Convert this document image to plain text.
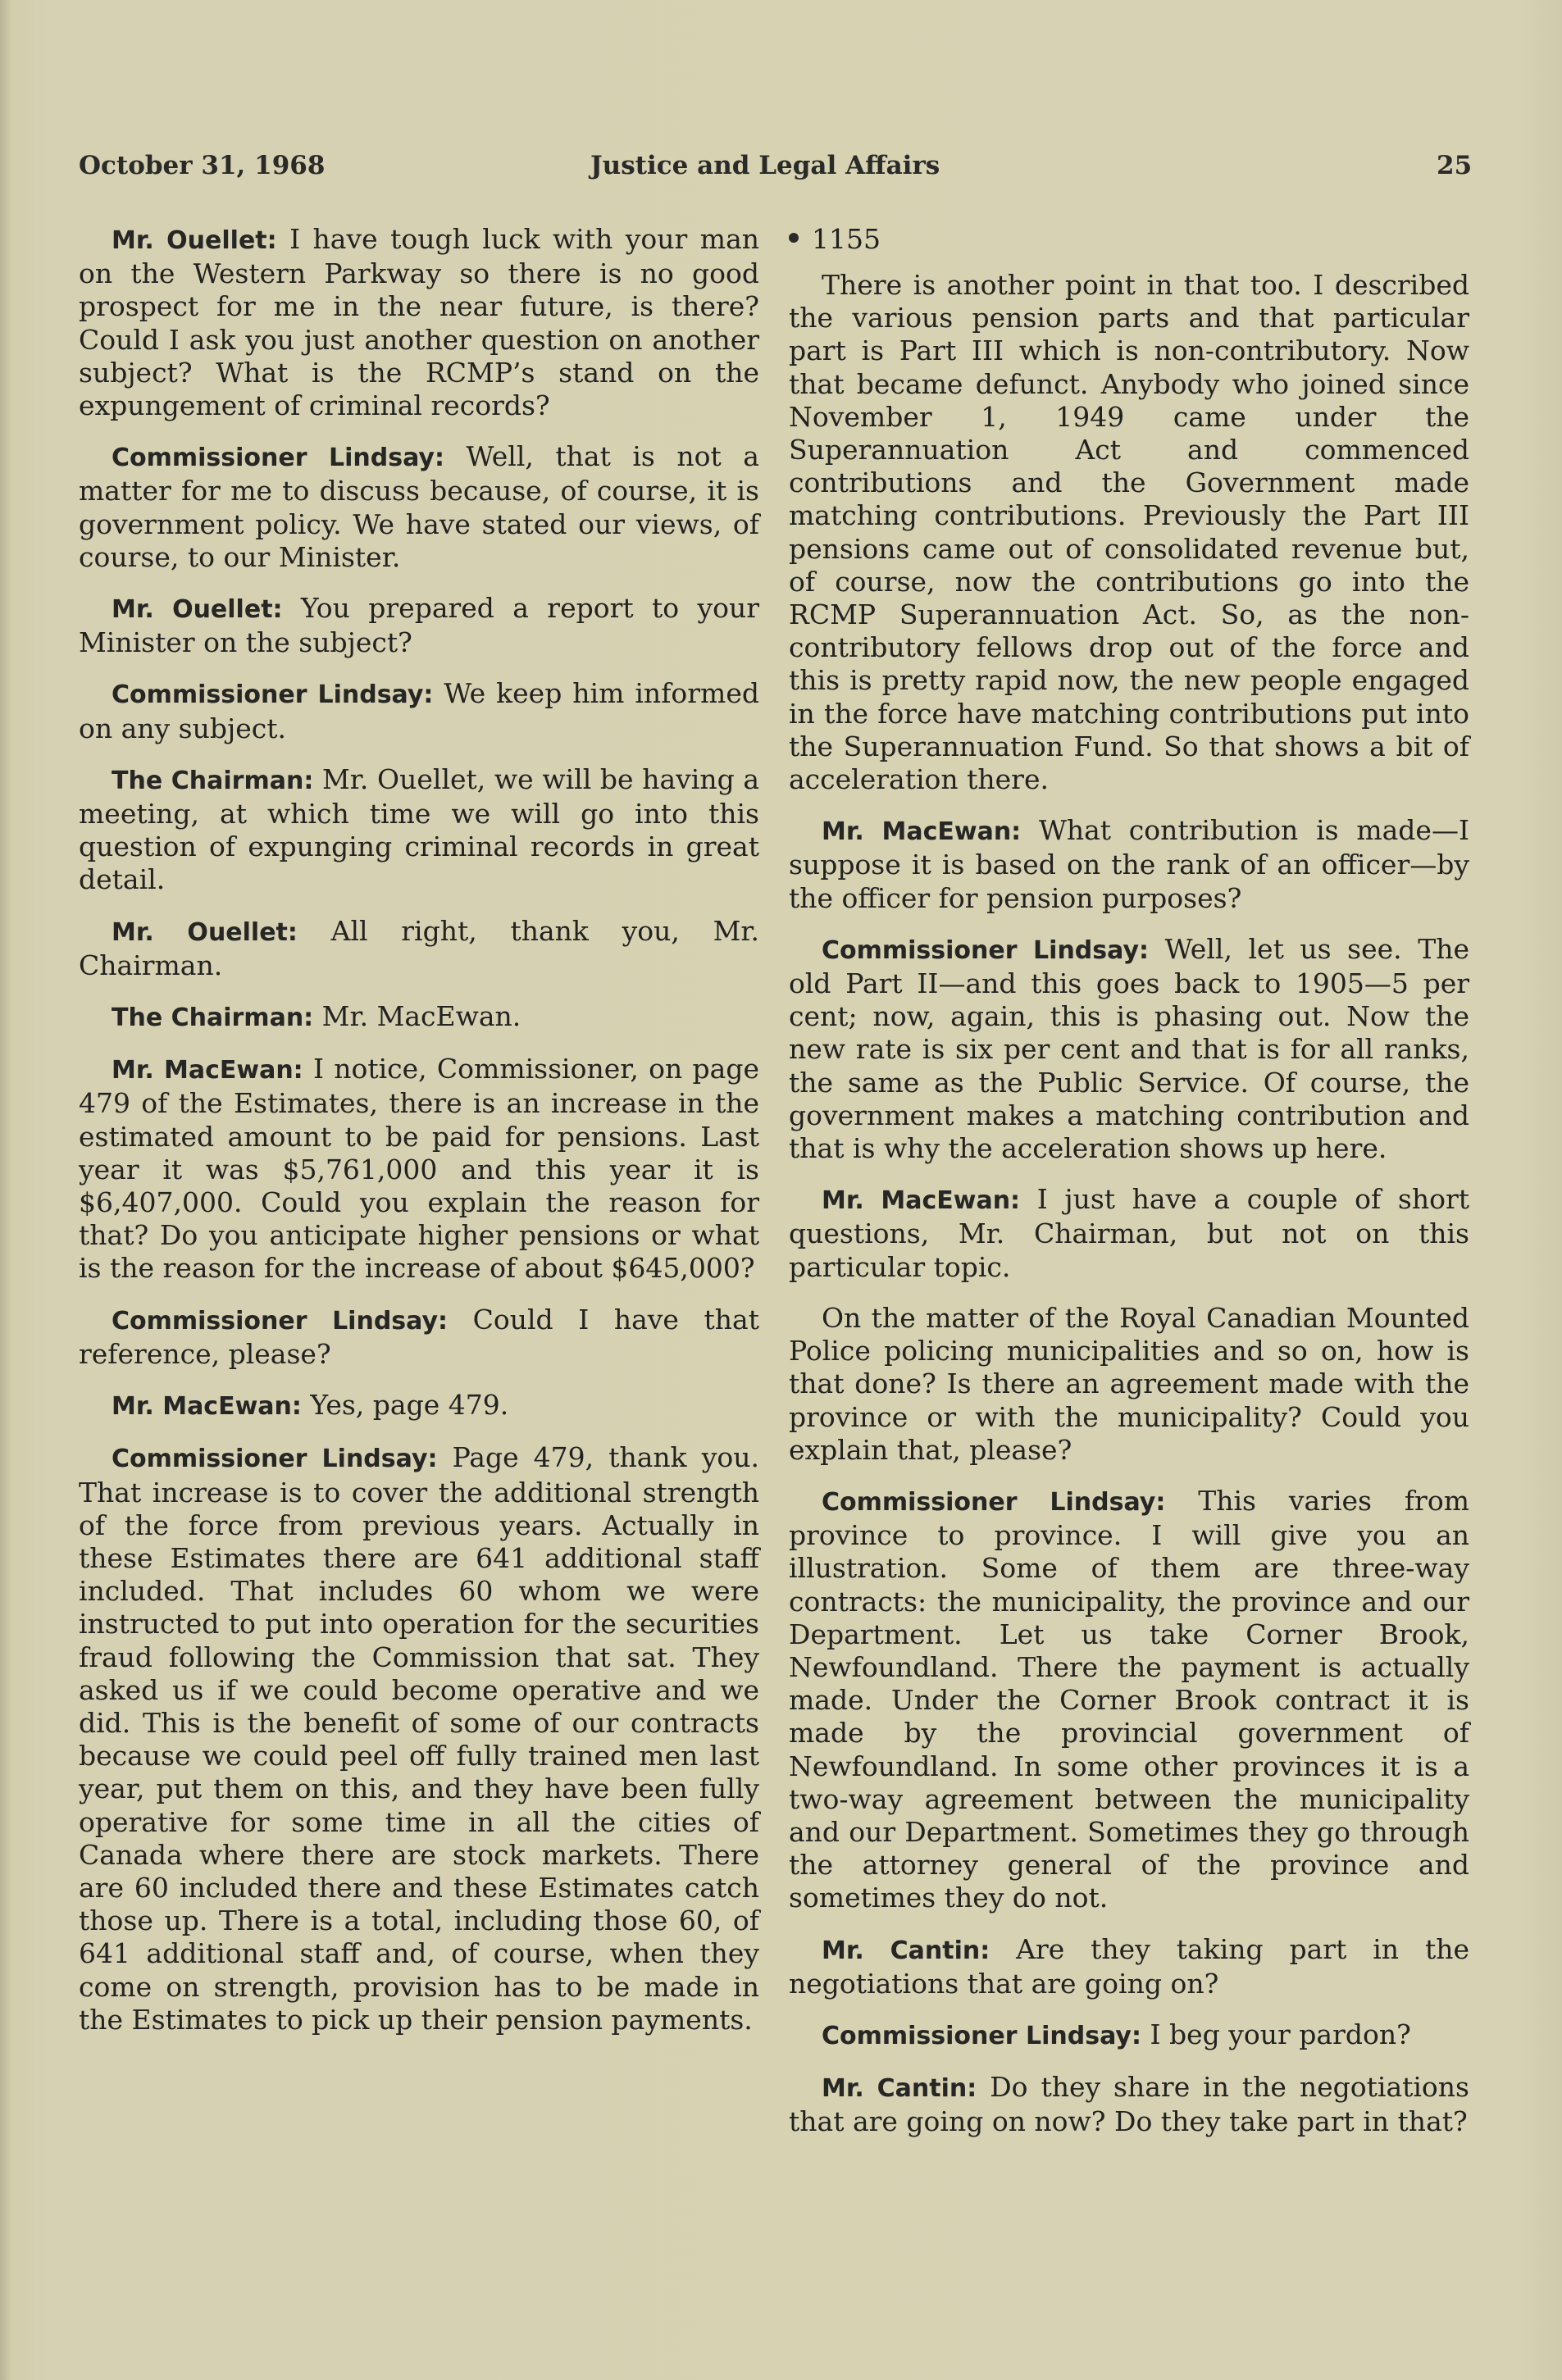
October 31, 1968	Justice and Legal Affairs	25

Mr. Ouellet: I have tough luck with your man on the Western Parkway so there is no good prospect for me in the near future, is there? Could I ask you just another question on another subject? What is the RCMP’s stand on the expungement of criminal records?

Commissioner Lindsay: Well, that is not a matter for me to discuss because, of course, it is government policy. We have stated our views, of course, to our Minister.

Mr. Ouellet: You prepared a report to your Minister on the subject?

Commissioner Lindsay: We keep him informed on any subject.

The Chairman: Mr. Ouellet, we will be having a meeting, at which time we will go into this question of expunging criminal records in great detail.

Mr. Ouellet: All right, thank you, Mr. Chairman.

The Chairman: Mr. MacEwan.

Mr. MacEwan: I notice, Commissioner, on page 479 of the Estimates, there is an increase in the estimated amount to be paid for pensions. Last year it was $5,761,000 and this year it is $6,407,000. Could you explain the reason for that? Do you anticipate higher pensions or what is the reason for the increase of about $645,000?

Commissioner Lindsay: Could I have that reference, please?

Mr. MacEwan: Yes, page 479.

Commissioner Lindsay: Page 479, thank you. That increase is to cover the additional strength of the force from previous years. Actually in these Estimates there are 641 additional staff included. That includes 60 whom we were instructed to put into operation for the securities fraud following the Commission that sat. They asked us if we could become operative and we did. This is the benefit of some of our contracts because we could peel off fully trained men last year, put them on this, and they have been fully operative for some time in all the cities of Canada where there are stock markets. There are 60 included there and these Estimates catch those up. There is a total, including those 60, of 641 additional staff and, of course, when they come on strength, provision has to be made in the Estimates to pick up their pension payments.

1155

There is another point in that too. I described the various pension parts and that particular part is Part III which is non-contributory. Now that became defunct. Anybody who joined since November 1, 1949 came under the Superannuation Act and commenced contributions and the Government made matching contributions. Previously the Part III pensions came out of consolidated revenue but, of course, now the contributions go into the RCMP Superannuation Act. So, as the non-contributory fellows drop out of the force and this is pretty rapid now, the new people engaged in the force have matching contributions put into the Superannuation Fund. So that shows a bit of acceleration there.

Mr. MacEwan: What contribution is made—I suppose it is based on the rank of an officer—by the officer for pension purposes?

Commissioner Lindsay: Well, let us see. The old Part II—and this goes back to 1905—5 per cent; now, again, this is phasing out. Now the new rate is six per cent and that is for all ranks, the same as the Public Service. Of course, the government makes a matching contribution and that is why the acceleration shows up here.

Mr. MacEwan: I just have a couple of short questions, Mr. Chairman, but not on this particular topic.

On the matter of the Royal Canadian Mounted Police policing municipalities and so on, how is that done? Is there an agreement made with the province or with the municipality? Could you explain that, please?

Commissioner Lindsay: This varies from province to province. I will give you an illustration. Some of them are three-way contracts: the municipality, the province and our Department. Let us take Corner Brook, Newfoundland. There the payment is actually made. Under the Corner Brook contract it is made by the provincial government of Newfoundland. In some other provinces it is a two-way agreement between the municipality and our Department. Sometimes they go through the attorney general of the province and sometimes they do not.

Mr. Cantin: Are they taking part in the negotiations that are going on?

Commissioner Lindsay: I beg your pardon?

Mr. Cantin: Do they share in the negotiations that are going on now? Do they take part in that?
